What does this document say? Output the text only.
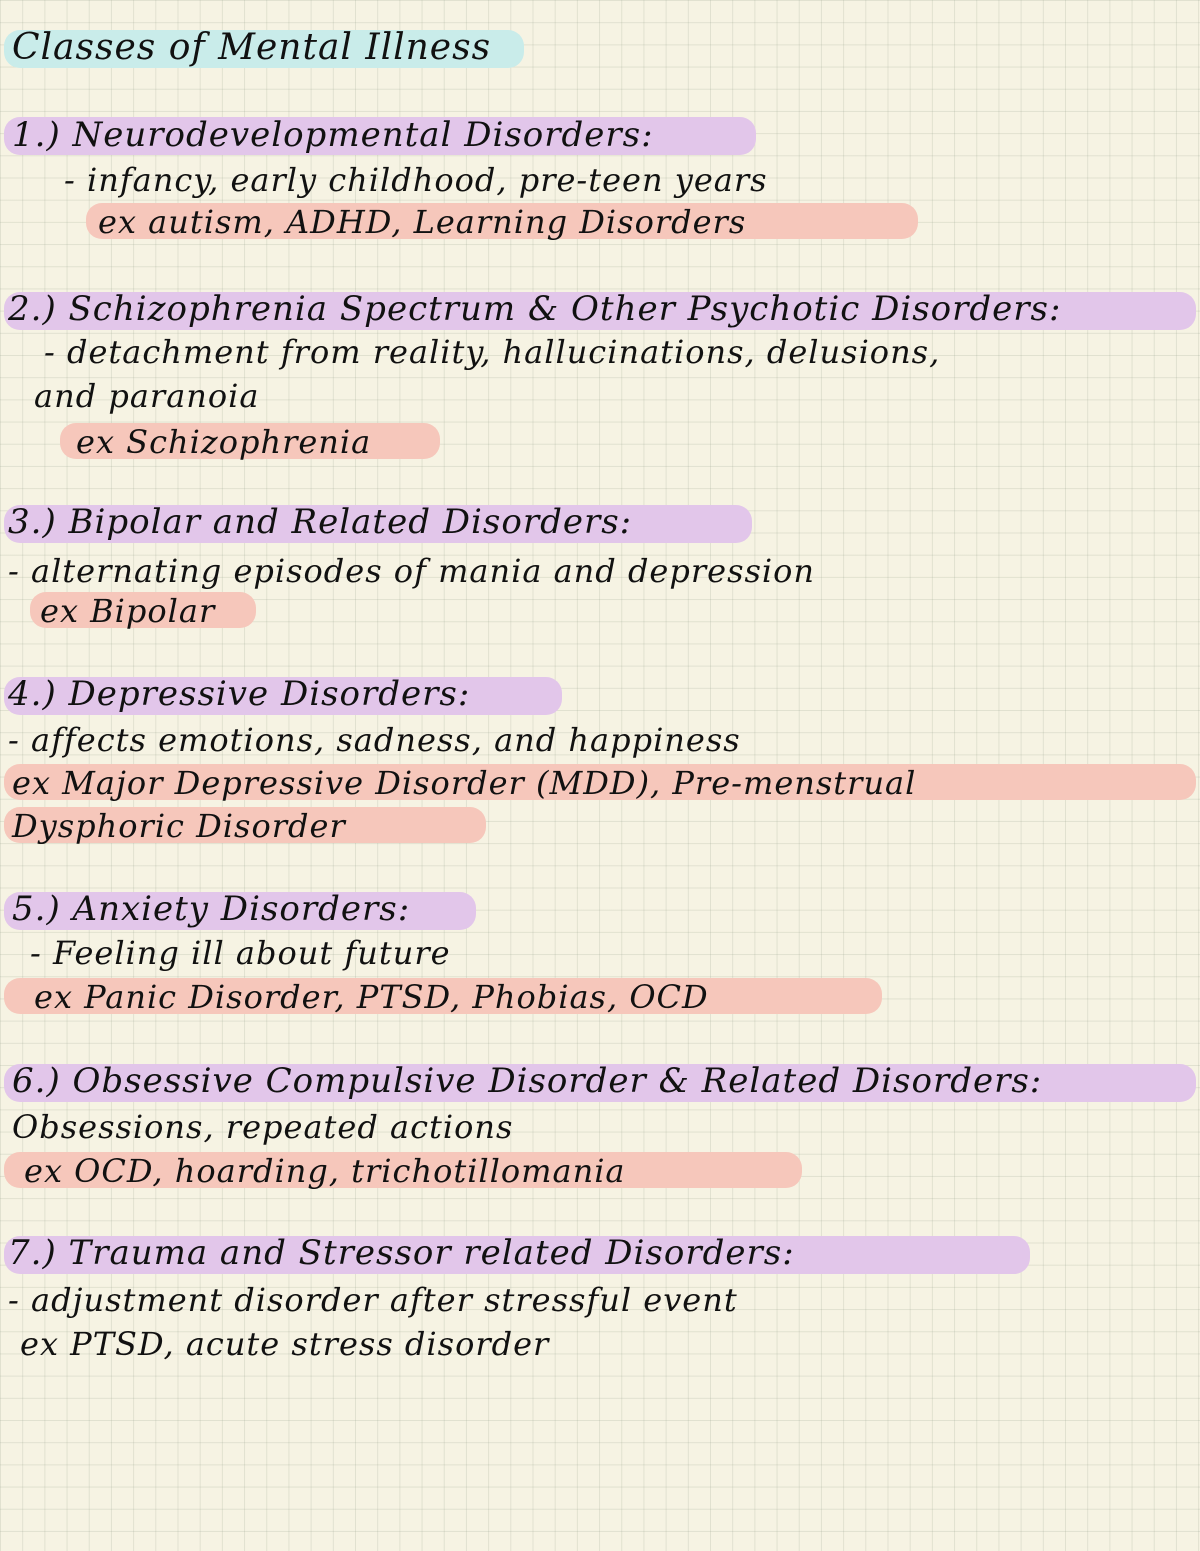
Classes of Mental Illness
1.) Neurodevelopmental Disorders:
- infancy, early childhood, pre-teen years
ex autism, ADHD, Learning Disorders
2.) Schizophrenia Spectrum & Other Psychotic Disorders:
- detachment from reality, hallucinations, delusions,
and paranoia
ex Schizophrenia
3.) Bipolar and Related Disorders:
- alternating episodes of mania and depression
ex Bipolar
4.) Depressive Disorders:
- affects emotions, sadness, and happiness
ex Major Depressive Disorder (MDD), Pre-menstrual
Dysphoric Disorder
5.) Anxiety Disorders:
- Feeling ill about future
ex Panic Disorder, PTSD, Phobias, OCD
6.) Obsessive Compulsive Disorder & Related Disorders:
Obsessions, repeated actions
ex OCD, hoarding, trichotillomania
7.) Trauma and Stressor related Disorders:
- adjustment disorder after stressful event
ex PTSD, acute stress disorder
